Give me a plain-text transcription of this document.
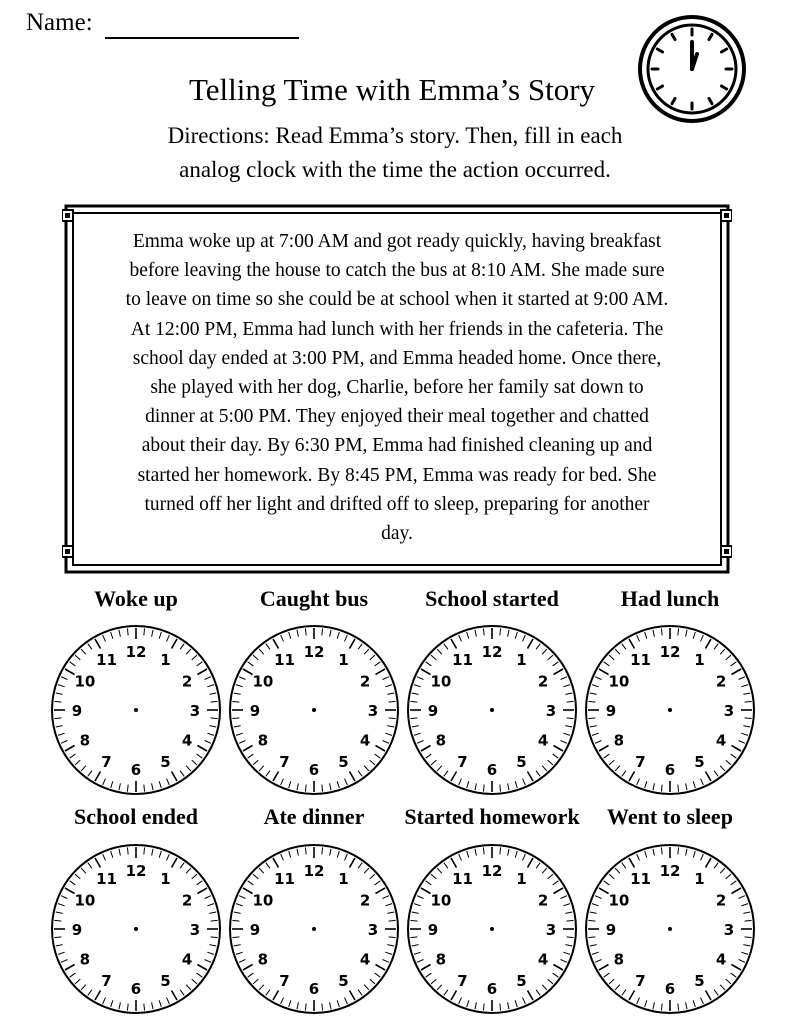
Name:
Telling Time with Emma’s Story
Directions: Read Emma’s story. Then, fill in each
analog clock with the time the action occurred.
Emma woke up at 7:00 AM and got ready quickly, having breakfast
before leaving the house to catch the bus at 8:10 AM. She made sure
to leave on time so she could be at school when it started at 9:00 AM.
At 12:00 PM, Emma had lunch with her friends in the cafeteria. The
school day ended at 3:00 PM, and Emma headed home. Once there,
she played with her dog, Charlie, before her family sat down to
dinner at 5:00 PM. They enjoyed their meal together and chatted
about their day. By 6:30 PM, Emma had finished cleaning up and
started her homework. By 8:45 PM, Emma was ready for bed. She
turned off her light and drifted off to sleep, preparing for another
day.
Woke up
12 1
2
3
4
5
6
7
8
9
10
11
Caught bus
12 1
2
3
4
5
6
7
8
9
10
11
School started
12 1
2
3
4
5
6
7
8
9
10
11
Had lunch
12 1
2
3
4
5
6
7
8
9
10
11
School ended
12 1
2
3
4
5
6
7
8
9
10
11
Ate dinner
12 1
2
3
4
5
6
7
8
9
10
11
Started homework
12 1
2
3
4
5
6
7
8
9
10
11
Went to sleep
12 1
2
3
4
5
6
7
8
9
10
11
